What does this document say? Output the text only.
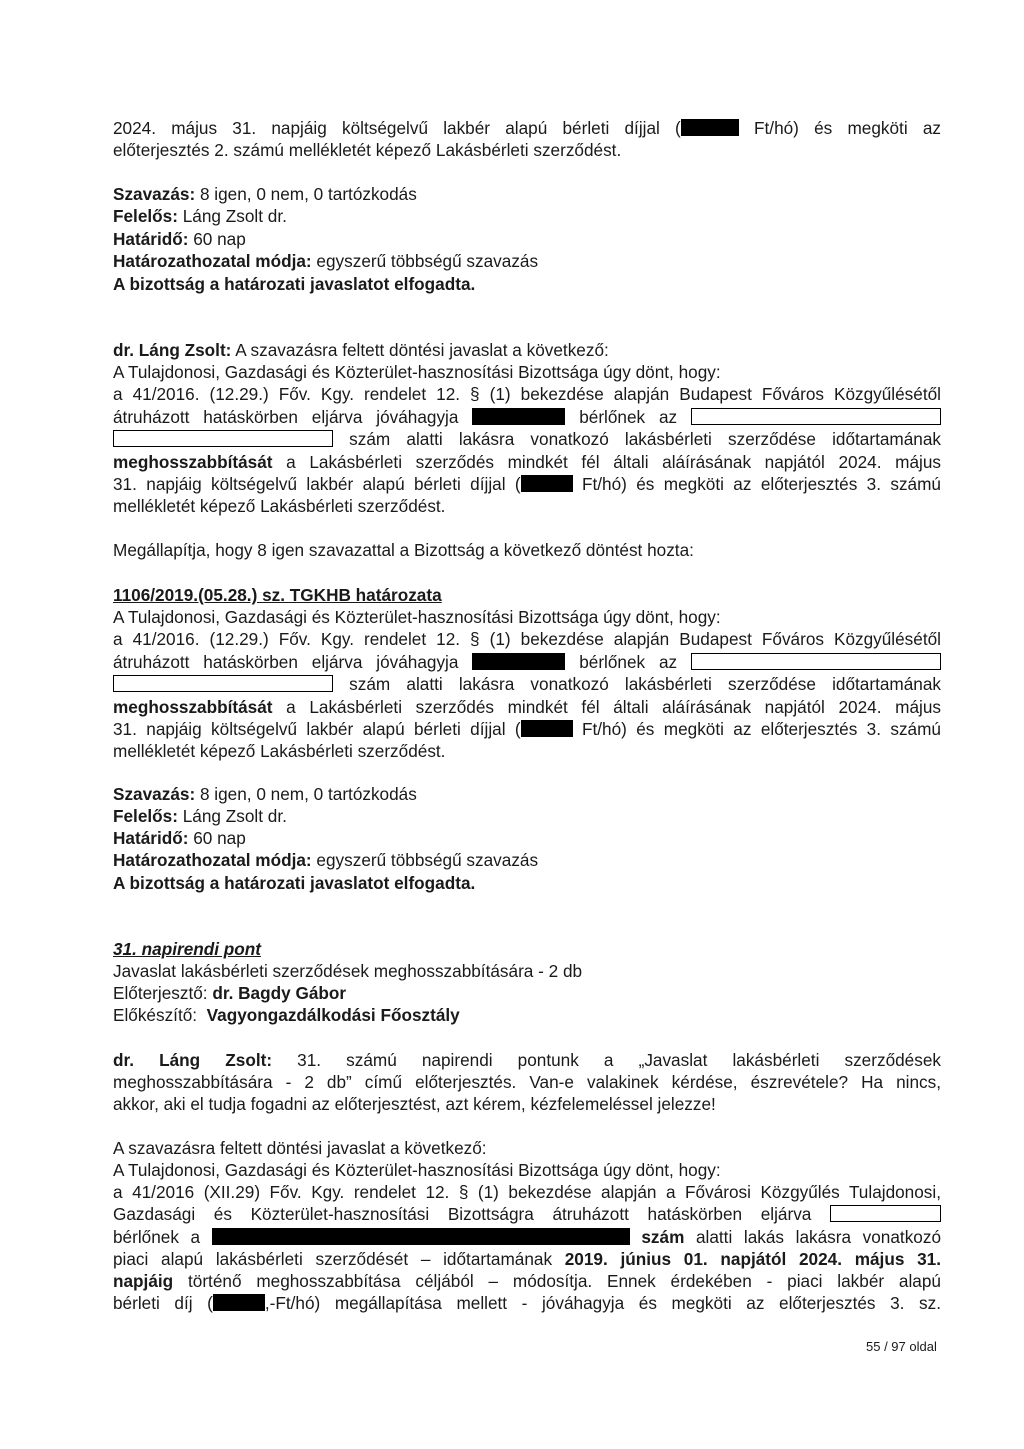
2024. május 31. napjáig költségelvű lakbér alapú bérleti díjjal (	Ft/hó) és megköti az
előterjesztés 2. számú mellékletét képező Lakásbérleti szerződést.
Szavazás: 8 igen, 0 nem, 0 tartózkodás
Felelős: Láng Zsolt dr.
Határidő: 60 nap
Határozathozatal módja: egyszerű többségű szavazás
A bizottság a határozati javaslatot elfogadta.
dr. Láng Zsolt: A szavazásra feltett döntési javaslat a következő:
A Tulajdonosi, Gazdasági és Közterület-hasznosítási Bizottsága úgy dönt, hogy:
a 41/2016. (12.29.) Főv. Kgy. rendelet 12. § (1) bekezdése alapján Budapest Főváros Közgyűlésétől
átruházott hatáskörben eljárva jóváhagyja	bérlőnek az
szám alatti lakásra vonatkozó lakásbérleti szerződése időtartamának
meghosszabbítását a Lakásbérleti szerződés mindkét fél általi aláírásának napjától 2024. május
31. napjáig költségelvű lakbér alapú bérleti díjjal (	Ft/hó) és megköti az előterjesztés 3. számú
mellékletét képező Lakásbérleti szerződést.
Megállapítja, hogy 8 igen szavazattal a Bizottság a következő döntést hozta:
1106/2019.(05.28.) sz. TGKHB határozata
A Tulajdonosi, Gazdasági és Közterület-hasznosítási Bizottsága úgy dönt, hogy:
a 41/2016. (12.29.) Főv. Kgy. rendelet 12. § (1) bekezdése alapján Budapest Főváros Közgyűlésétől
átruházott hatáskörben eljárva jóváhagyja	bérlőnek az
szám alatti lakásra vonatkozó lakásbérleti szerződése időtartamának
meghosszabbítását a Lakásbérleti szerződés mindkét fél általi aláírásának napjától 2024. május
31. napjáig költségelvű lakbér alapú bérleti díjjal (	Ft/hó) és megköti az előterjesztés 3. számú
mellékletét képező Lakásbérleti szerződést.
Szavazás: 8 igen, 0 nem, 0 tartózkodás
Felelős: Láng Zsolt dr.
Határidő: 60 nap
Határozathozatal módja: egyszerű többségű szavazás
A bizottság a határozati javaslatot elfogadta.
31. napirendi pont
Javaslat lakásbérleti szerződések meghosszabbítására - 2 db
Előterjesztő: dr. Bagdy Gábor
Előkészítő:  Vagyongazdálkodási Főosztály
dr. Láng Zsolt: 31. számú napirendi pontunk a „Javaslat lakásbérleti szerződések
meghosszabbítására - 2 db” című előterjesztés. Van-e valakinek kérdése, észrevétele? Ha nincs,
akkor, aki el tudja fogadni az előterjesztést, azt kérem, kézfelemeléssel jelezze!
A szavazásra feltett döntési javaslat a következő:
A Tulajdonosi, Gazdasági és Közterület-hasznosítási Bizottsága úgy dönt, hogy:
a 41/2016 (XII.29) Főv. Kgy. rendelet 12. § (1) bekezdése alapján a Fővárosi Közgyűlés Tulajdonosi,
Gazdasági és Közterület-hasznosítási Bizottságra átruházott hatáskörben eljárva
bérlőnek a	szám alatti lakás lakásra vonatkozó
piaci alapú lakásbérleti szerződését – időtartamának 2019. június 01. napjától 2024. május 31.
napjáig történő meghosszabbítása céljából – módosítja. Ennek érdekében - piaci lakbér alapú
bérleti díj (	,-Ft/hó) megállapítása mellett - jóváhagyja és megköti az előterjesztés 3. sz.
55 / 97 oldal
